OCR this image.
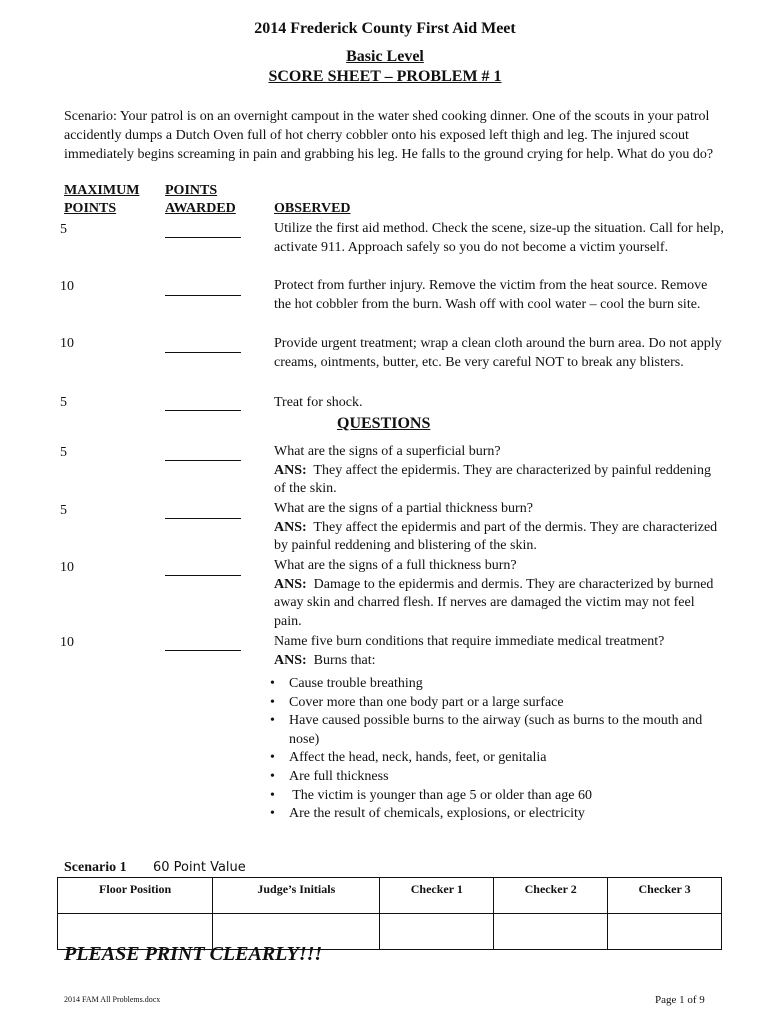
2014 Frederick County First Aid Meet
Basic Level
SCORE SHEET – PROBLEM # 1
Scenario: Your patrol is on an overnight campout in the water shed cooking dinner. One of the scouts in your patrol accidently dumps a Dutch Oven full of hot cherry cobbler onto his exposed left thigh and leg. The injured scout immediately begins screaming in pain and grabbing his leg. He falls to the ground crying for help. What do you do?
MAXIMUM
POINTS
POINTS
AWARDED	OBSERVED
5	Utilize the first aid method. Check the scene, size-up the situation. Call for help, activate 911. Approach safely so you do not become a victim yourself.
10	Protect from further injury. Remove the victim from the heat source. Remove the hot cobbler from the burn. Wash off with cool water – cool the burn site.
10	Provide urgent treatment; wrap a clean cloth around the burn area. Do not apply creams, ointments, butter, etc. Be very careful NOT to break any blisters.
5	Treat for shock.
QUESTIONS
5	What are the signs of a superficial burn?
ANS: They affect the epidermis. They are characterized by painful reddening of the skin.
5	What are the signs of a partial thickness burn?
ANS: They affect the epidermis and part of the dermis. They are characterized by painful reddening and blistering of the skin.
10	What are the signs of a full thickness burn?
ANS: Damage to the epidermis and dermis. They are characterized by burned away skin and charred flesh. If nerves are damaged the victim may not feel pain.
10	Name five burn conditions that require immediate medical treatment?
ANS: Burns that:
• Cause trouble breathing
• Cover more than one body part or a large surface
• Have caused possible burns to the airway (such as burns to the mouth and nose)
• Affect the head, neck, hands, feet, or genitalia
• Are full thickness
• The victim is younger than age 5 or older than age 60
• Are the result of chemicals, explosions, or electricity
Scenario 1 60 Point Value
Floor Position	Judge’s Initials	Checker 1	Checker 2	Checker 3

PLEASE PRINT CLEARLY!!!
2014 FAM All Problems.docx	Page 1 of 9
